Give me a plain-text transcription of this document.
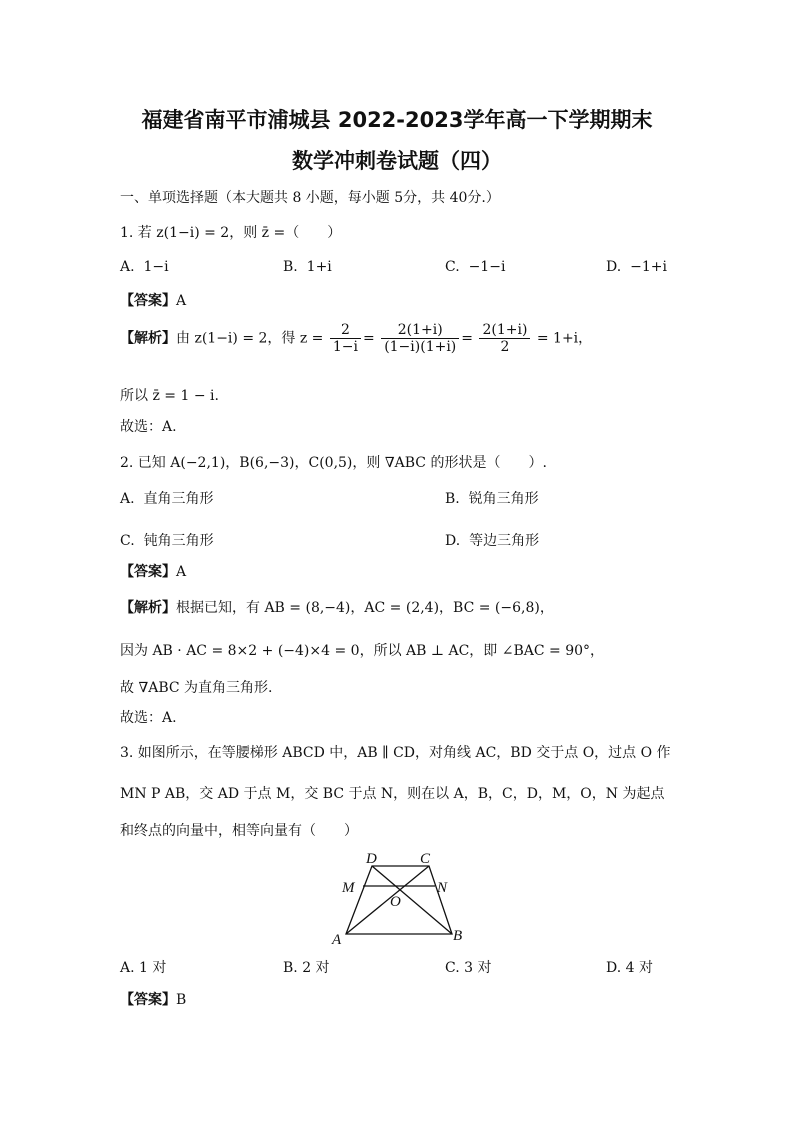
福建省南平市浦城县 2022-2023学年高一下学期期末
数学冲刺卷试题（四）
一、单项选择题（本大题共 8 小题，每小题 5分，共 40分.）
1. 若 z(1−i) = 2，则 z̄ =（　　）
A. 1−i	B. 1+i	C. −1−i	D. −1+i
【答案】A
【解析】由 z(1−i) = 2，得 $z = \frac{2}{1-i} = \frac{2(1+i)}{(1-i)(1+i)} = \frac{2(1+i)}{2} = 1+i$，
所以 z̄ = 1 − i.
故选：A.
2. 已知 A(−2,1)，B(6,−3)，C(0,5)，则 ∇ABC 的形状是（　　）.
A. 直角三角形	B. 锐角三角形
C. 钝角三角形	D. 等边三角形
【答案】A
【解析】根据已知，有 AB = (8,−4)，AC = (2,4)，BC = (−6,8)，
因为 AB · AC = 8×2 + (−4)×4 = 0，所以 AB ⊥ AC，即 ∠BAC = 90°，
故 ∇ABC 为直角三角形.
故选：A.
3. 如图所示，在等腰梯形 ABCD 中，AB ∥ CD，对角线 AC，BD 交于点 O，过点 O 作
MN P AB，交 AD 于点 M，交 BC 于点 N，则在以 A，B，C，D，M，O，N 为起点
和终点的向量中，相等向量有（　　）
D	C
M	N
O
A	B
A. 1 对	B. 2 对	C. 3 对	D. 4 对
【答案】B
